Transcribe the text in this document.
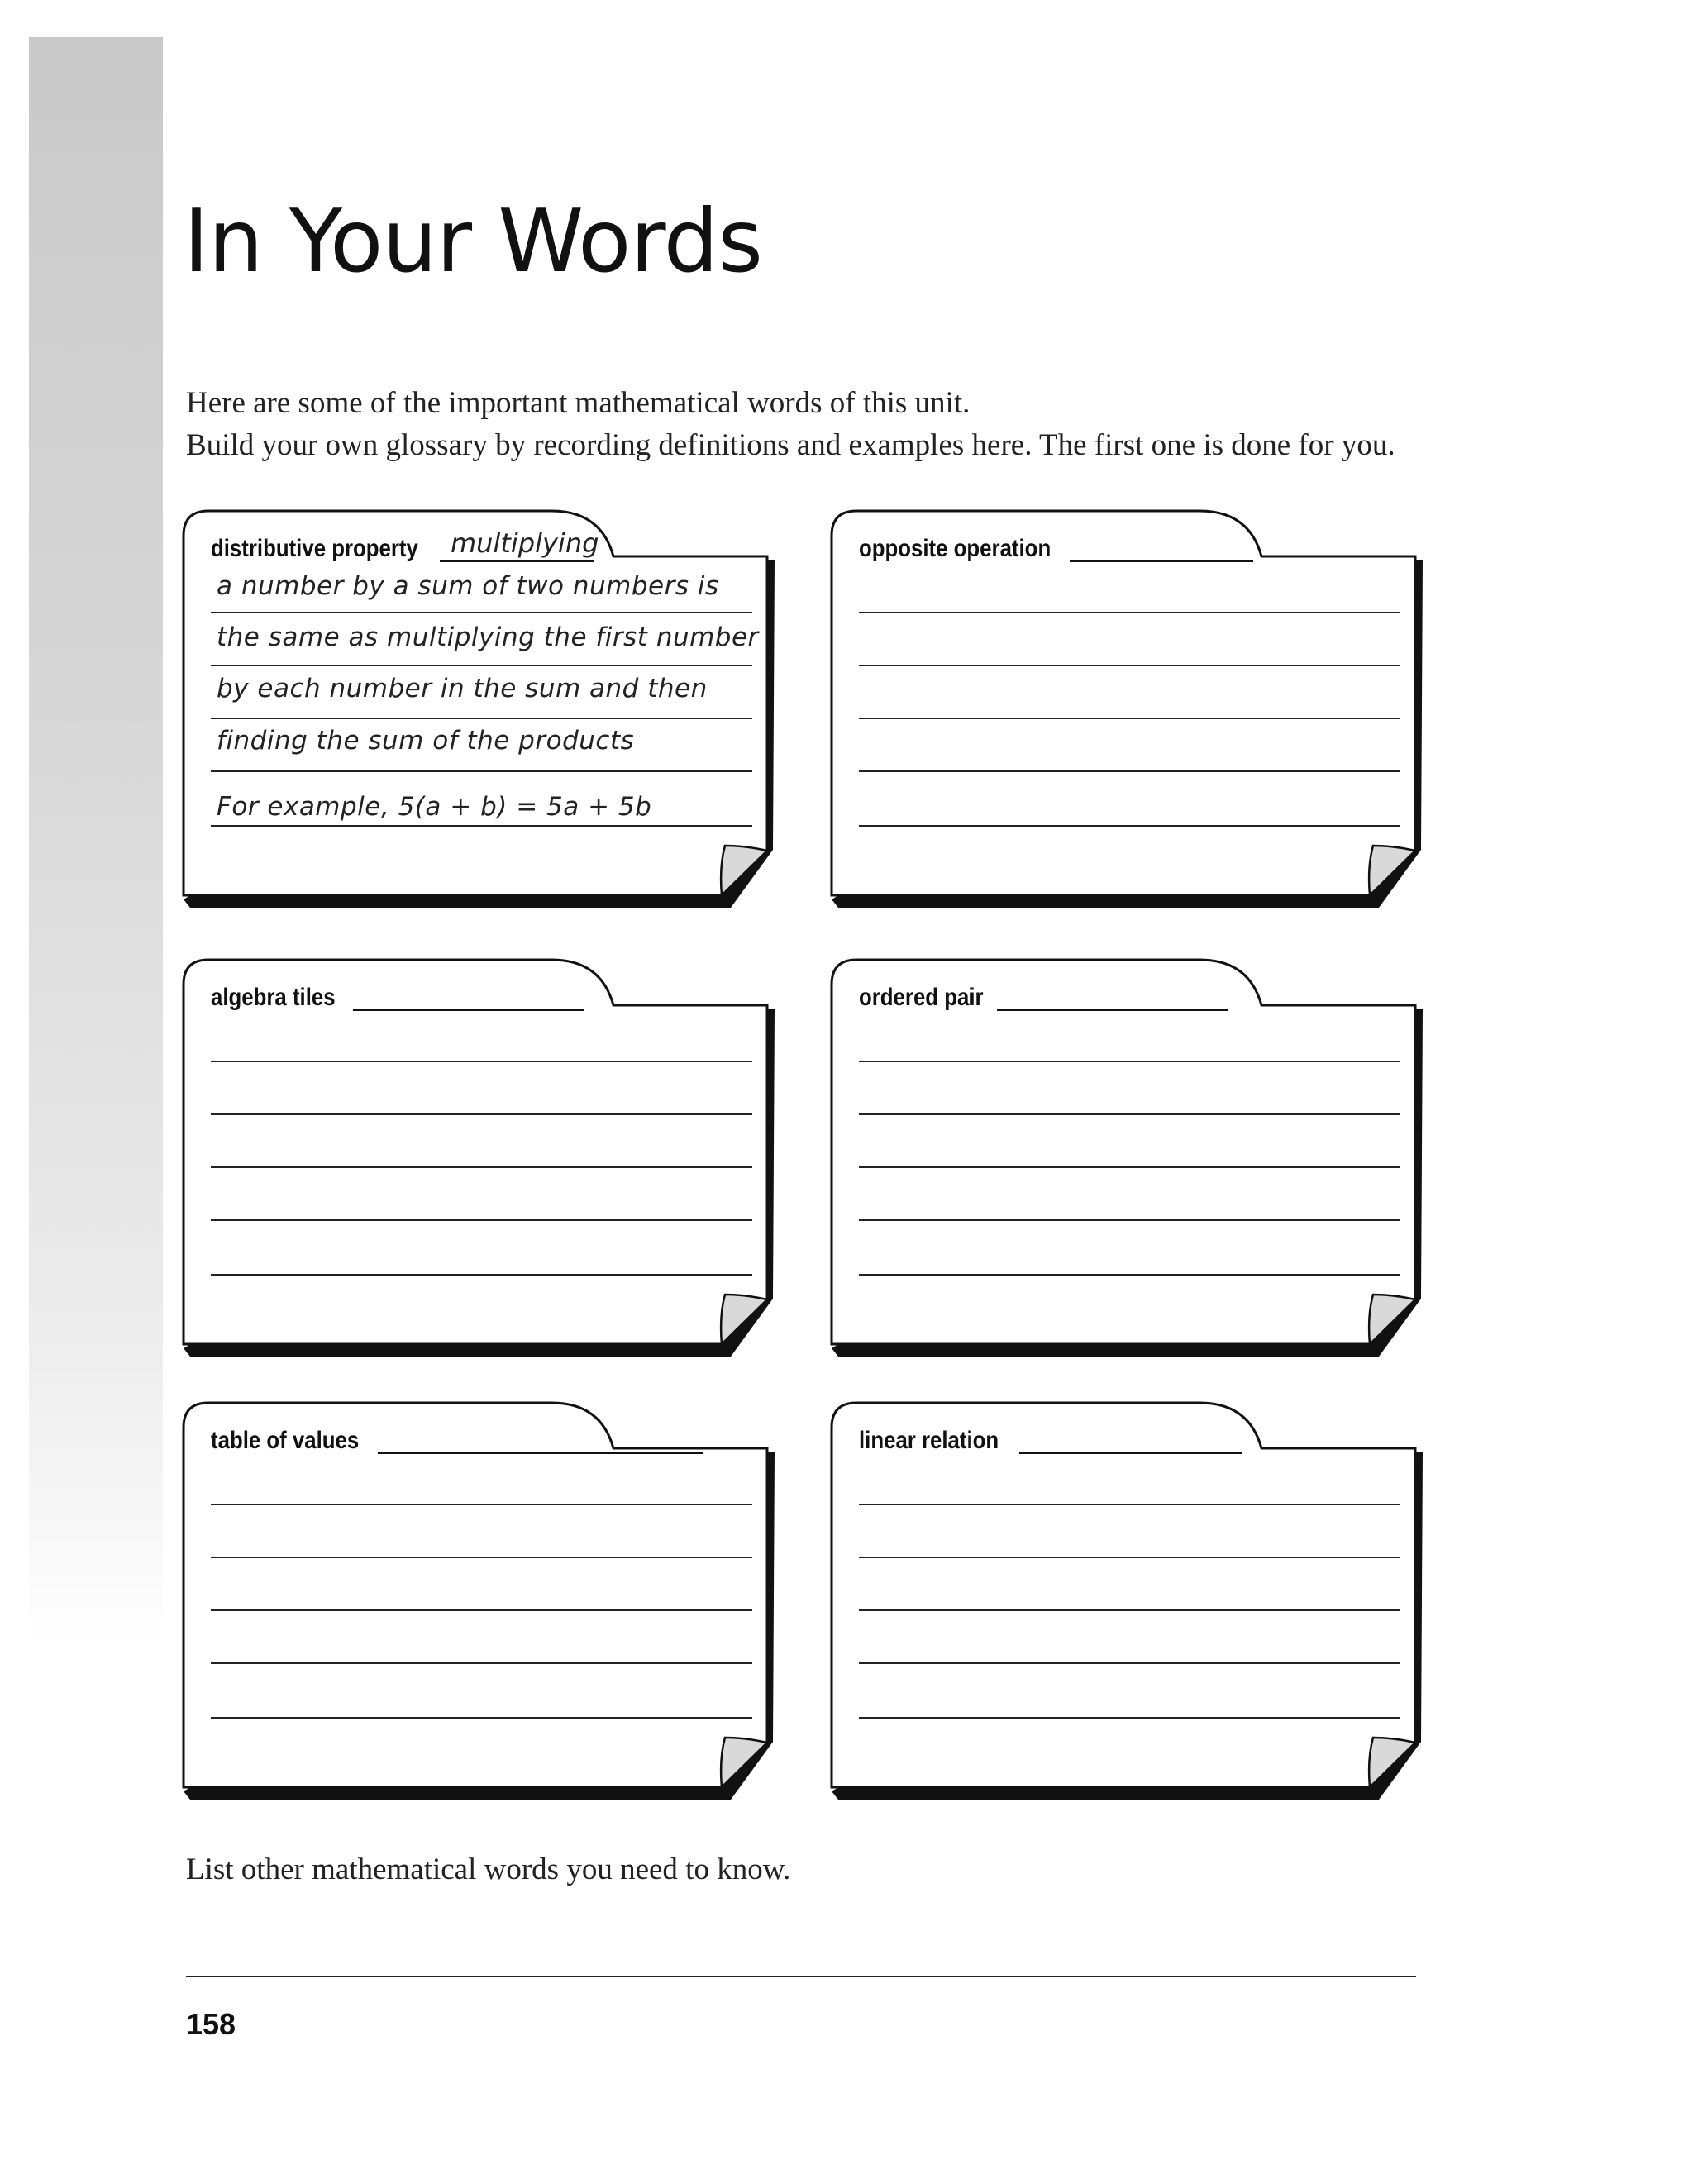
In Your Words
Here are some of the important mathematical words of this unit.
Build your own glossary by recording definitions and examples here. The first one is done for you.
distributive property multiplying
a number by a sum of two numbers is
the same as multiplying the first number
by each number in the sum and then
finding the sum of the products
For example, 5(a + b) = 5a + 5b
opposite operation
algebra tiles	ordered pair
table of values	linear relation
List other mathematical words you need to know.
158
